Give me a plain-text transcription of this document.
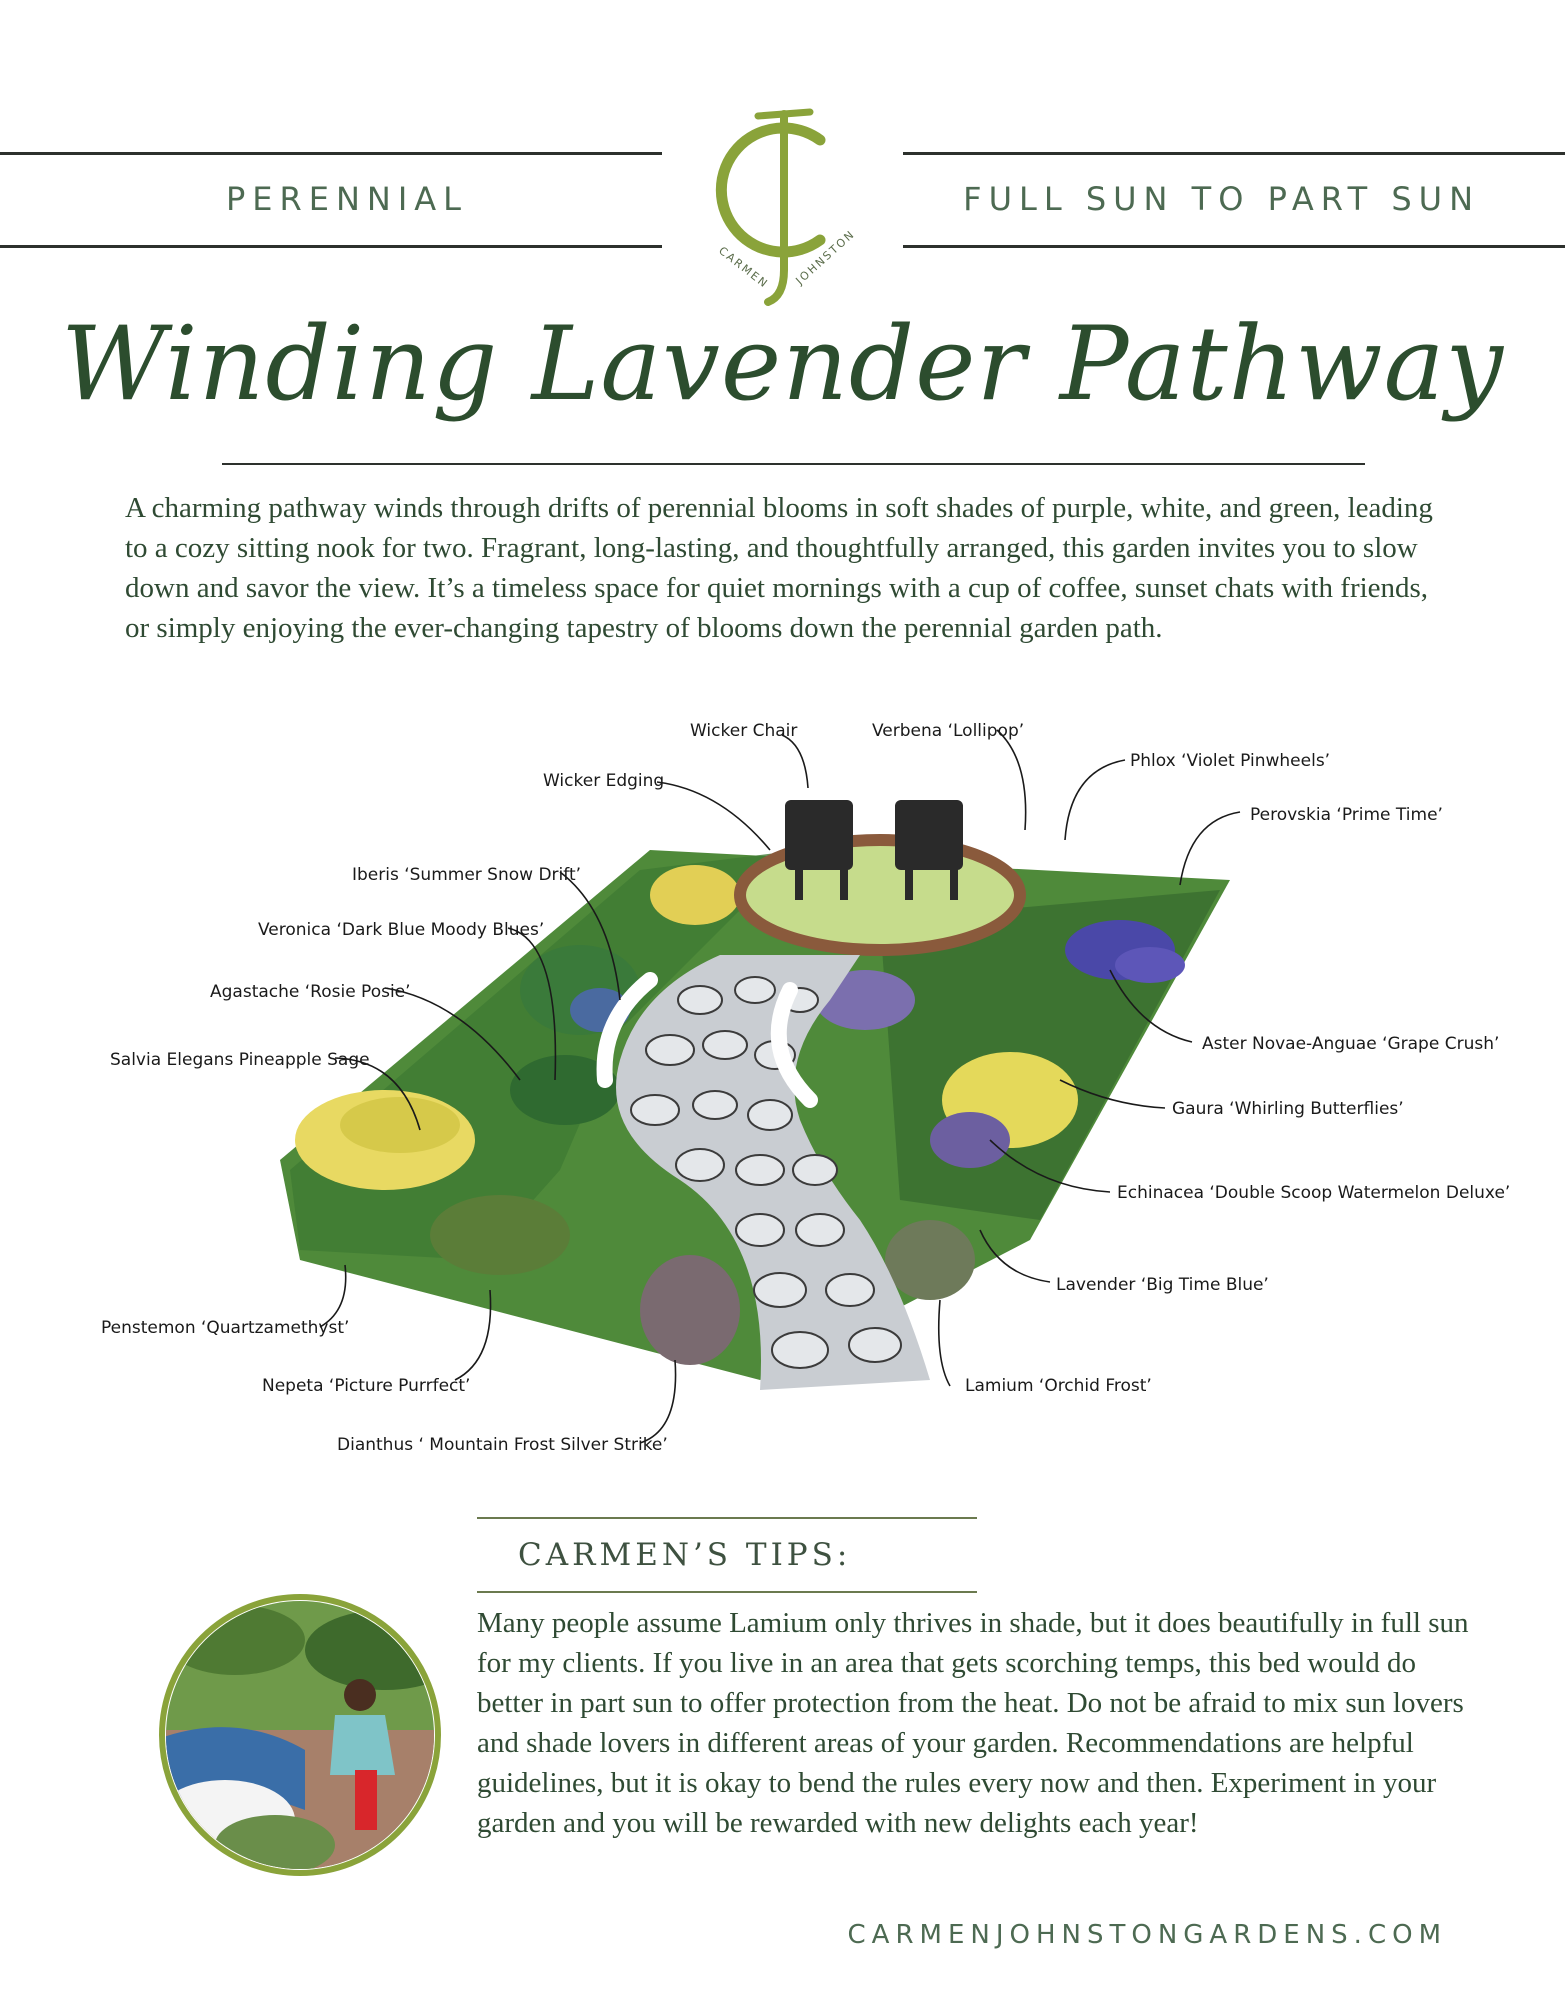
PERENNIAL	FULL SUN TO PART SUN
CARMEN JOHNSTON
Winding Lavender Pathway
A charming pathway winds through drifts of perennial blooms in soft shades of purple, white, and green, leading to a cozy sitting nook for two. Fragrant, long-lasting, and thoughtfully arranged, this garden invites you to slow down and savor the view. It’s a timeless space for quiet mornings with a cup of coffee, sunset chats with friends, or simply enjoying the ever-changing tapestry of blooms down the perennial garden path.
Wicker Chair	Verbena ‘Lollipop’
Phlox ‘Violet Pinwheels’
Perovskia ‘Prime Time’
Wicker Edging
Iberis ‘Summer Snow Drift’
Veronica ‘Dark Blue Moody Blues’
Agastache ‘Rosie Posie’
Salvia Elegans Pineapple Sage
Aster Novae-Anguae ‘Grape Crush’
Gaura ‘Whirling Butterflies’
Echinacea ‘Double Scoop Watermelon Deluxe’
Lavender ‘Big Time Blue’
Penstemon ‘Quartzamethyst’
Nepeta ‘Picture Purrfect’	Lamium ‘Orchid Frost’
Dianthus ‘ Mountain Frost Silver Strike’
CARMEN’S TIPS:
Many people assume Lamium only thrives in shade, but it does beautifully in full sun for my clients. If you live in an area that gets scorching temps, this bed would do better in part sun to offer protection from the heat. Do not be afraid to mix sun lovers and shade lovers in different areas of your garden. Recommendations are helpful guidelines, but it is okay to bend the rules every now and then. Experiment in your garden and you will be rewarded with new delights each year!
CARMENJOHNSTONGARDENS.COM
